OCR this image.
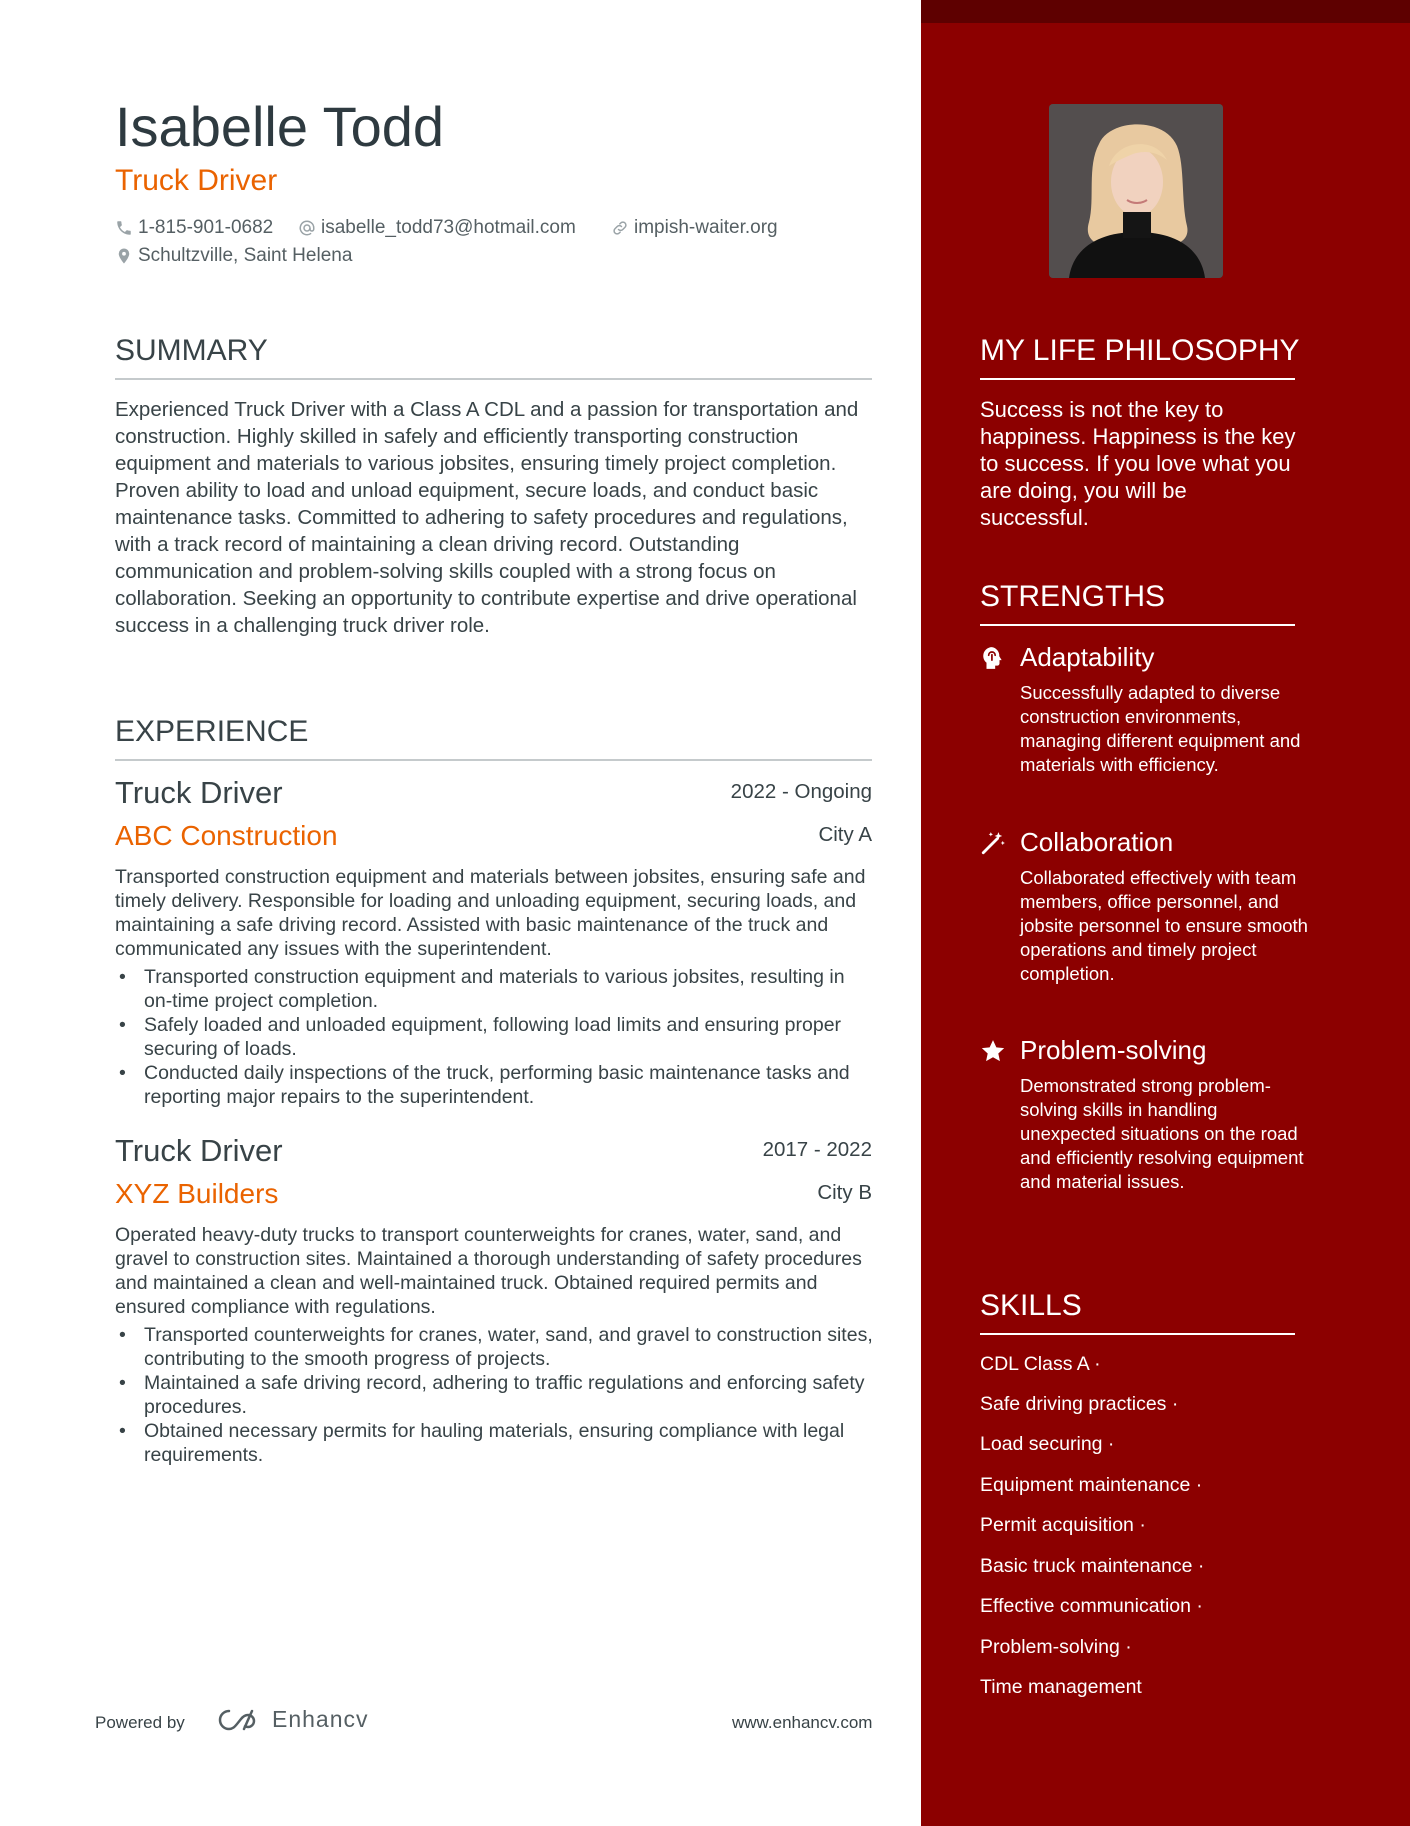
Isabelle Todd
Truck Driver
1-815-901-0682	isabelle_todd73@hotmail.com	impish-waiter.org
Schultzville, Saint Helena
SUMMARY

Experienced Truck Driver with a Class A CDL and a passion for transportation and construction. Highly skilled in safely and efficiently transporting construction equipment and materials to various jobsites, ensuring timely project completion. Proven ability to load and unload equipment, secure loads, and conduct basic maintenance tasks. Committed to adhering to safety procedures and regulations, with a track record of maintaining a clean driving record. Outstanding communication and problem-solving skills coupled with a strong focus on collaboration. Seeking an opportunity to contribute expertise and drive operational success in a challenging truck driver role.

EXPERIENCE
Truck Driver	2022 - Ongoing
ABC Construction	City A

Transported construction equipment and materials between jobsites, ensuring safe and timely delivery. Responsible for loading and unloading equipment, securing loads, and maintaining a safe driving record. Assisted with basic maintenance of the truck and communicated any issues with the superintendent.

• Transported construction equipment and materials to various jobsites, resulting in on-time project completion.
• Safely loaded and unloaded equipment, following load limits and ensuring proper securing of loads.
• Conducted daily inspections of the truck, performing basic maintenance tasks and reporting major repairs to the superintendent.
Truck Driver	2017 - 2022
XYZ Builders	City B

Operated heavy-duty trucks to transport counterweights for cranes, water, sand, and gravel to construction sites. Maintained a thorough understanding of safety procedures and maintained a clean and well-maintained truck. Obtained required permits and ensured compliance with regulations.

• Transported counterweights for cranes, water, sand, and gravel to construction sites, contributing to the smooth progress of projects.
• Maintained a safe driving record, adhering to traffic regulations and enforcing safety procedures.
• Obtained necessary permits for hauling materials, ensuring compliance with legal requirements.
Powered by	Enhancv	www.enhancv.com
MY LIFE PHILOSOPHY

Success is not the key to happiness. Happiness is the key to success. If you love what you are doing, you will be successful.

STRENGTHS
Adaptability

Successfully adapted to diverse construction environments, managing different equipment and materials with efficiency.

Collaboration

Collaborated effectively with team members, office personnel, and jobsite personnel to ensure smooth operations and timely project completion.

Problem-solving

Demonstrated strong problem-solving skills in handling unexpected situations on the road and efficiently resolving equipment and material issues.

SKILLS
CDL Class A ·
Safe driving practices ·
Load securing ·
Equipment maintenance ·
Permit acquisition ·
Basic truck maintenance ·
Effective communication ·
Problem-solving ·
Time management
